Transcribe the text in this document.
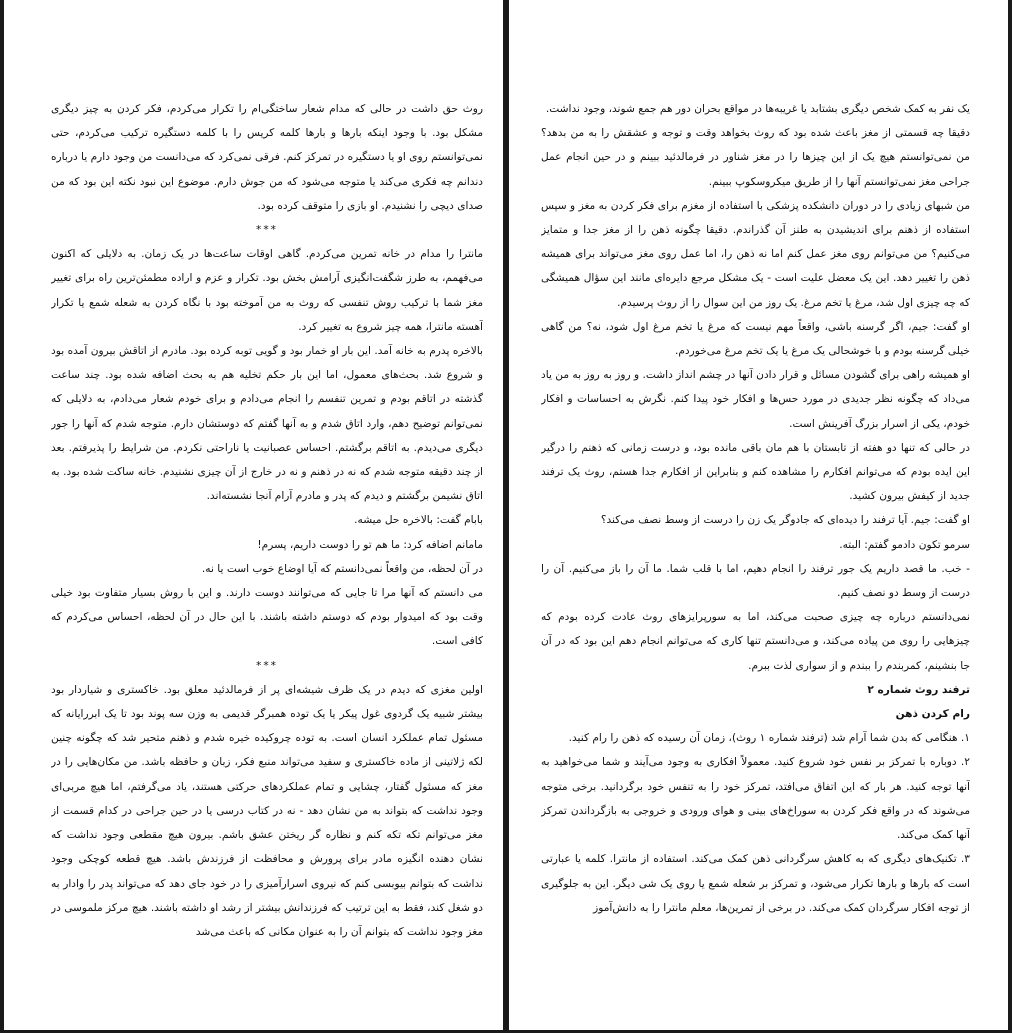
روث حق داشت در حالی که مدام شعار ساختگی‌ام را تکرار می‌کردم، فکر کردن به چیز دیگری مشکل بود. با وجود اینکه بارها و بارها کلمه کریس را با کلمه دستگیره ترکیب می‌کردم، حتی نمی‌توانستم روی او یا دستگیره در تمرکز کنم. فرقی نمی‌کرد که می‌دانست من وجود دارم یا درباره دندانم چه فکری می‌کند یا متوجه می‌شود که من جوش دارم. موضوع این نبود نکته این بود که من صدای دیچی را نشنیدم. او بازی را متوقف کرده بود.

***

مانترا را مدام در خانه تمرین می‌کردم. گاهی اوقات ساعت‌ها در یک زمان. به دلایلی که اکنون می‌فهمم، به طرز شگفت‌انگیزی آرامش بخش بود. تکرار و عزم و اراده مطمئن‌ترین راه برای تغییر مغز شما با ترکیب روش تنفسی که روث به من آموخته بود با نگاه کردن به شعله شمع یا تکرار آهسته مانترا، همه چیز شروع به تغییر کرد.

بالاخره پدرم به خانه آمد. این بار او خمار بود و گویی توبه کرده بود. مادرم از اتاقش بیرون آمده بود و شروع شد. بحث‌های معمول، اما این بار حکم تخلیه هم به بحث اضافه شده بود. چند ساعت گذشته در اتاقم بودم و تمرین تنفسم را انجام می‌دادم و برای خودم شعار می‌دادم، به دلایلی که نمی‌توانم توضیح دهم، وارد اتاق شدم و به آنها گفتم که دوستشان دارم. متوجه شدم که آنها را جور دیگری می‌دیدم. به اتاقم برگشتم. احساس عصبانیت یا ناراحتی نکردم. من شرایط را پذیرفتم. بعد از چند دقیقه متوجه شدم که نه در ذهنم و نه در خارج از آن چیزی نشنیدم. خانه ساکت شده بود. به اتاق نشیمن برگشتم و دیدم که پدر و مادرم آرام آنجا نشسته‌اند.

بابام گفت: بالاخره حل میشه.

مامانم اضافه کرد: ما هم تو را دوست داریم، پسرم!

در آن لحظه، من واقعاً نمی‌دانستم که آیا اوضاع خوب است یا نه.

می دانستم که آنها مرا تا جایی که می‌توانند دوست دارند. و این با روش بسیار متفاوت بود خیلی وقت بود که امیدوار بودم که دوستم داشته باشند. با این حال در آن لحظه، احساس می‌کردم که کافی است.

***

اولین مغزی که دیدم در یک ظرف شیشه‌ای پر از فرمالدئید معلق بود. خاکستری و شیاردار بود بیشتر شبیه یک گردوی غول پیکر یا یک توده همبرگر قدیمی به وزن سه پوند بود تا یک ابررایانه که مسئول تمام عملکرد انسان است. به توده چروکیده خیره شدم و ذهنم متحیر شد که چگونه چنین لکه ژلاتینی از ماده خاکستری و سفید می‌تواند منبع فکر، زبان و حافظه باشد. من مکان‌هایی را در مغز که مسئول گفتار، چشایی و تمام عملکردهای حرکتی هستند، یاد می‌گرفتم، اما هیچ مربی‌ای وجود نداشت که بتواند به من نشان دهد - نه در کتاب درسی یا در حین جراحی در کدام قسمت از مغز می‌توانم تکه تکه کنم و نظاره گر ریختن عشق باشم. بیرون هیچ مقطعی وجود نداشت که نشان دهنده انگیزه مادر برای پرورش و محافظت از فرزندش باشد. هیچ قطعه کوچکی وجود نداشت که بتوانم بیوبسی کنم که نیروی اسرارآمیزی را در خود جای دهد که می‌تواند پدر را وادار به دو شغل کند، فقط به این ترتیب که فرزندانش بیشتر از رشد او داشته باشند. هیچ مرکز ملموسی در مغز وجود نداشت که بتوانم آن را به عنوان مکانی که باعث می‌شد

یک نفر به کمک شخص دیگری بشتابد یا غریبه‌ها در مواقع بحران دور هم جمع شوند، وجود نداشت.

دقیقا چه قسمتی از مغز باعث شده بود که روث بخواهد وقت و توجه و عشقش را به من بدهد؟ من نمی‌توانستم هیچ یک از این چیزها را در مغز شناور در فرمالدئید ببینم و در حین انجام عمل جراحی مغز نمی‌توانستم آنها را از طریق میکروسکوپ ببینم.

من شبهای زیادی را در دوران دانشکده پزشکی با استفاده از مغزم برای فکر کردن به مغز و سپس استفاده از ذهنم برای اندیشیدن به طنز آن گذراندم. دقیقا چگونه ذهن را از مغز جدا و متمایز می‌کنیم؟ من می‌توانم روی مغز عمل کنم اما نه ذهن را، اما عمل روی مغز می‌تواند برای همیشه ذهن را تغییر دهد. این یک معضل علیت است - یک مشکل مرجع دایره‌ای مانند این سؤال همیشگی که چه چیزی اول شد، مرغ یا تخم مرغ. یک روز من این سوال را از روث پرسیدم.

او گفت: جیم، اگر گرسنه باشی، واقعاً مهم نیست که مرغ یا تخم مرغ اول شود، نه؟ من گاهی خیلی گرسنه بودم و با خوشحالی یک مرغ یا یک تخم مرغ می‌خوردم.

او همیشه راهی برای گشودن مسائل و قرار دادن آنها در چشم انداز داشت. و روز به روز به من یاد می‌داد که چگونه نظر جدیدی در مورد حس‌ها و افکار خود پیدا کنم. نگرش به احساسات و افکار خودم، یکی از اسرار بزرگ آفرینش است.

در حالی که تنها دو هفته از تابستان با هم مان باقی مانده بود، و درست زمانی که ذهنم را درگیر این ایده بودم که می‌توانم افکارم را مشاهده کنم و بنابراین از افکارم جدا هستم، روث یک ترفند جدید از کیفش بیرون کشید.

او گفت: جیم. آیا ترفند را دیده‌ای که جادوگر یک زن را درست از وسط نصف می‌کند؟

سرمو تکون دادمو گفتم: البته.

- خب. ما قصد داریم یک جور ترفند را انجام دهیم، اما با قلب شما. ما آن را باز می‌کنیم. آن را درست از وسط دو نصف کنیم.

نمی‌دانستم درباره چه چیزی صحبت می‌کند، اما به سورپرایزهای روث عادت کرده بودم که چیزهایی را روی من پیاده می‌کند، و می‌دانستم تنها کاری که می‌توانم انجام دهم این بود که در آن جا بنشینم، کمربندم را ببندم و از سواری لذت ببرم.

ترفند روث شماره ۲

رام کردن ذهن

۱. هنگامی که بدن شما آرام شد (ترفند شماره ۱ روث)، زمان آن رسیده که ذهن را رام کنید.

۲. دوباره با تمرکز بر نفس خود شروع کنید. معمولاً افکاری به وجود می‌آیند و شما می‌خواهید به آنها توجه کنید. هر بار که این اتفاق می‌افتد، تمرکز خود را به تنفس خود برگردانید. برخی متوجه می‌شوند که در واقع فکر کردن به سوراخ‌های بینی و هوای ورودی و خروجی به بازگرداندن تمرکز آنها کمک می‌کند.

۳. تکنیک‌های دیگری که به کاهش سرگردانی ذهن کمک می‌کند. استفاده از مانترا. کلمه یا عبارتی است که بارها و بارها تکرار می‌شود، و تمرکز بر شعله شمع یا روی یک شی دیگر. این به جلوگیری از توجه افکار سرگردان کمک می‌کند. در برخی از تمرین‌ها، معلم مانترا را به دانش‌آموز
